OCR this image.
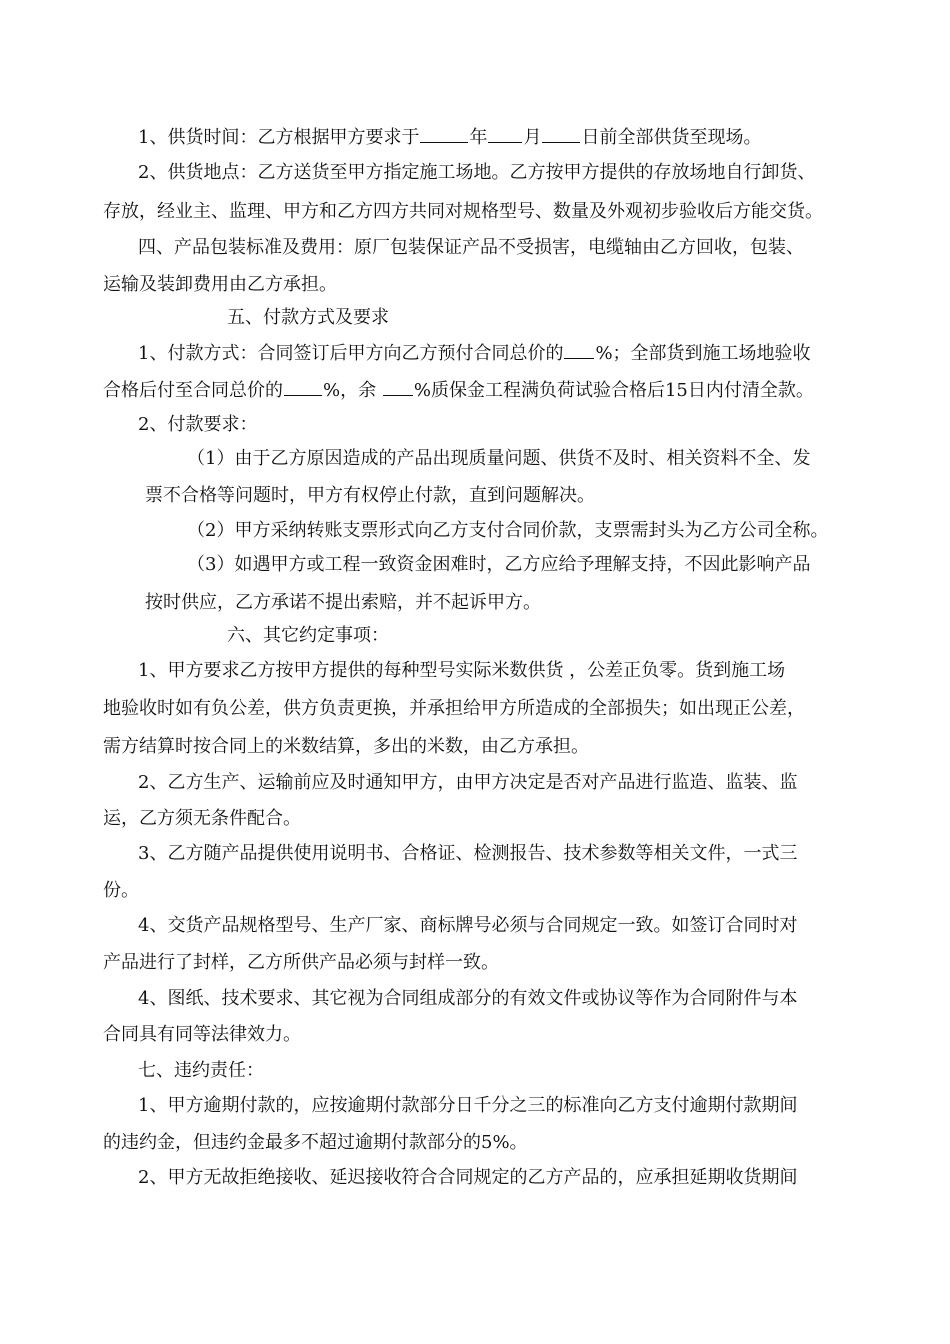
1、供货时间：乙方根据甲方要求于	年 月 日前全部供货至现场。
2、供货地点：乙方送货至甲方指定施工场地。乙方按甲方提供的存放场地自行卸货、
存放，经业主、监理、甲方和乙方四方共同对规格型号、数量及外观初步验收后方能交货。
四、产品包装标准及费用：原厂包装保证产品不受损害，电缆轴由乙方回收，包装、
运输及装卸费用由乙方承担。
五、付款方式及要求
1、付款方式：合同签订后甲方向乙方预付合同总价的 %；全部货到施工场地验收
合格后付至合同总价的 %，余 %质保金工程满负荷试验合格后15日内付清全款。
2、付款要求：
（1）由于乙方原因造成的产品出现质量问题、供货不及时、相关资料不全、发
票不合格等问题时，甲方有权停止付款，直到问题解决。
（2）甲方采纳转账支票形式向乙方支付合同价款，支票需封头为乙方公司全称。
（3）如遇甲方或工程一致资金困难时，乙方应给予理解支持，不因此影响产品
按时供应，乙方承诺不提出索赔，并不起诉甲方。
六、其它约定事项：
1、甲方要求乙方按甲方提供的每种型号实际米数供货 ，公差正负零。货到施工场
地验收时如有负公差，供方负责更换，并承担给甲方所造成的全部损失；如出现正公差，
需方结算时按合同上的米数结算，多出的米数，由乙方承担。
2、乙方生产、运输前应及时通知甲方，由甲方决定是否对产品进行监造、监装、监
运，乙方须无条件配合。
3、乙方随产品提供使用说明书、合格证、检测报告、技术参数等相关文件，一式三
份。
4、交货产品规格型号、生产厂家、商标牌号必须与合同规定一致。如签订合同时对
产品进行了封样，乙方所供产品必须与封样一致。
4、图纸、技术要求、其它视为合同组成部分的有效文件或协议等作为合同附件与本
合同具有同等法律效力。
七、违约责任：
1、甲方逾期付款的，应按逾期付款部分日千分之三的标准向乙方支付逾期付款期间
的违约金，但违约金最多不超过逾期付款部分的5%。
2、甲方无故拒绝接收、延迟接收符合合同规定的乙方产品的，应承担延期收货期间
